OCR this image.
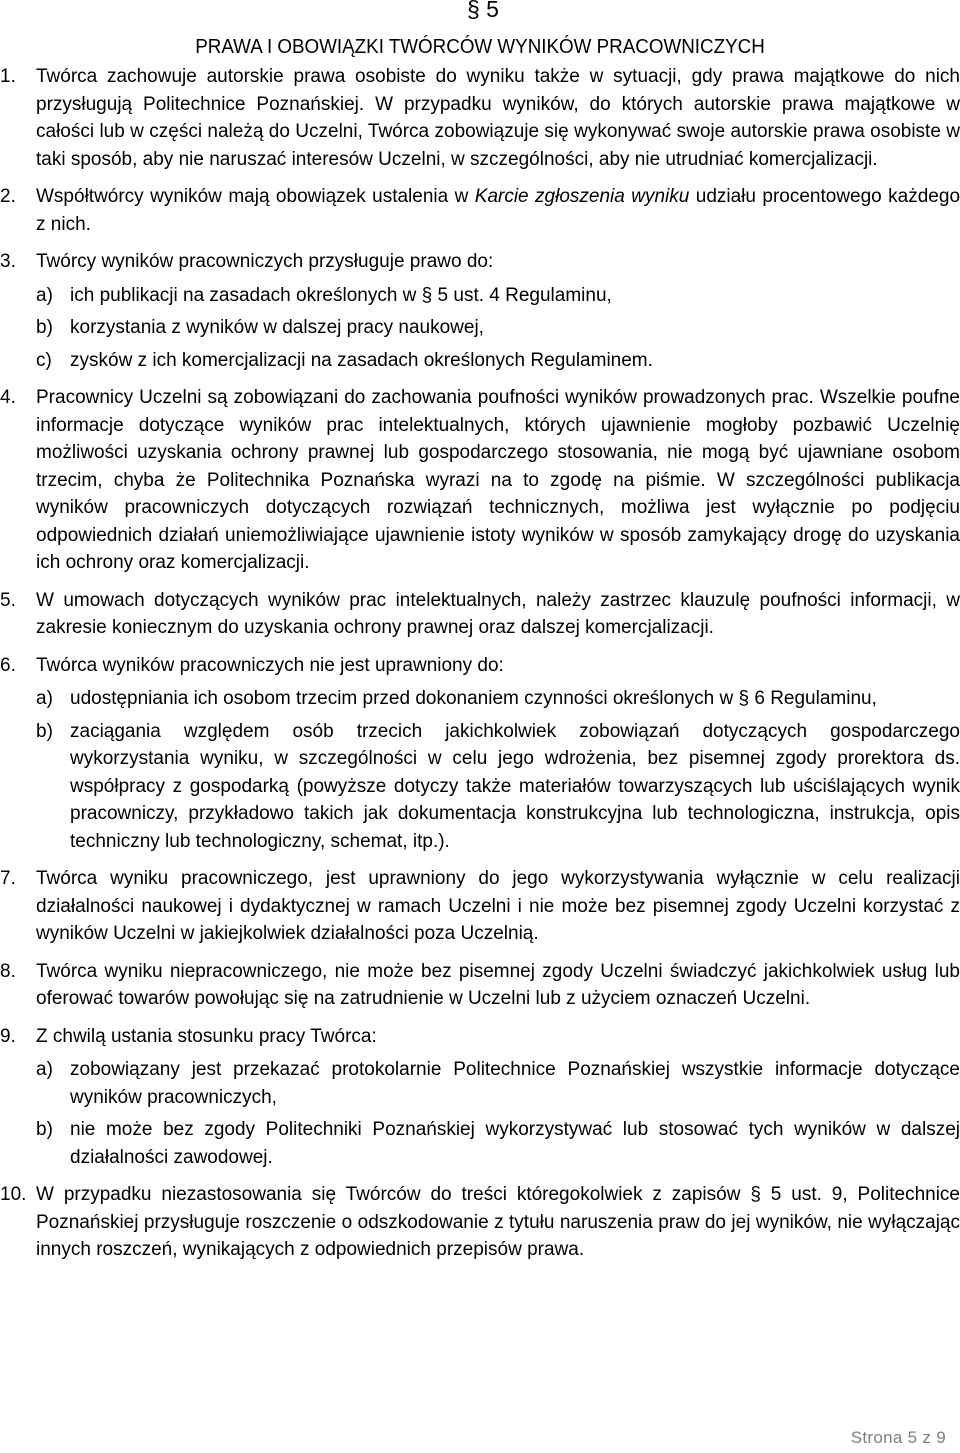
§ 5
PRAWA I OBOWIĄZKI TWÓRCÓW WYNIKÓW PRACOWNICZYCH
1. Twórca zachowuje autorskie prawa osobiste do wyniku także w sytuacji, gdy prawa majątkowe do nich przysługują Politechnice Poznańskiej. W przypadku wyników, do których autorskie prawa majątkowe w całości lub w części należą do Uczelni, Twórca zobowiązuje się wykonywać swoje autorskie prawa osobiste w taki sposób, aby nie naruszać interesów Uczelni, w szczególności, aby nie utrudniać komercjalizacji.
2. Współtwórcy wyników mają obowiązek ustalenia w Karcie zgłoszenia wyniku udziału procentowego każdego z nich.
3. Twórcy wyników pracowniczych przysługuje prawo do:
a) ich publikacji na zasadach określonych w § 5 ust. 4 Regulaminu,
b) korzystania z wyników w dalszej pracy naukowej,
c) zysków z ich komercjalizacji na zasadach określonych Regulaminem.
4. Pracownicy Uczelni są zobowiązani do zachowania poufności wyników prowadzonych prac. Wszelkie poufne informacje dotyczące wyników prac intelektualnych, których ujawnienie mogłoby pozbawić Uczelnię możliwości uzyskania ochrony prawnej lub gospodarczego stosowania, nie mogą być ujawniane osobom trzecim, chyba że Politechnika Poznańska wyrazi na to zgodę na piśmie. W szczególności publikacja wyników pracowniczych dotyczących rozwiązań technicznych, możliwa jest wyłącznie po podjęciu odpowiednich działań uniemożliwiające ujawnienie istoty wyników w sposób zamykający drogę do uzyskania ich ochrony oraz komercjalizacji.
5. W umowach dotyczących wyników prac intelektualnych, należy zastrzec klauzulę poufności informacji, w zakresie koniecznym do uzyskania ochrony prawnej oraz dalszej komercjalizacji.
6. Twórca wyników pracowniczych nie jest uprawniony do:
a) udostępniania ich osobom trzecim przed dokonaniem czynności określonych w § 6 Regulaminu,
b) zaciągania względem osób trzecich jakichkolwiek zobowiązań dotyczących gospodarczego wykorzystania wyniku, w szczególności w celu jego wdrożenia, bez pisemnej zgody prorektora ds. współpracy z gospodarką (powyższe dotyczy także materiałów towarzyszących lub uściślających wynik pracowniczy, przykładowo takich jak dokumentacja konstrukcyjna lub technologiczna, instrukcja, opis techniczny lub technologiczny, schemat, itp.).
7. Twórca wyniku pracowniczego, jest uprawniony do jego wykorzystywania wyłącznie w celu realizacji działalności naukowej i dydaktycznej w ramach Uczelni i nie może bez pisemnej zgody Uczelni korzystać z wyników Uczelni w jakiejkolwiek działalności poza Uczelnią.
8. Twórca wyniku niepracowniczego, nie może bez pisemnej zgody Uczelni świadczyć jakichkolwiek usług lub oferować towarów powołując się na zatrudnienie w Uczelni lub z użyciem oznaczeń Uczelni.
9. Z chwilą ustania stosunku pracy Twórca:
a) zobowiązany jest przekazać protokolarnie Politechnice Poznańskiej wszystkie informacje dotyczące wyników pracowniczych,
b) nie może bez zgody Politechniki Poznańskiej wykorzystywać lub stosować tych wyników w dalszej działalności zawodowej.
10. W przypadku niezastosowania się Twórców do treści któregokolwiek z zapisów § 5 ust. 9, Politechnice Poznańskiej przysługuje roszczenie o odszkodowanie z tytułu naruszenia praw do jej wyników, nie wyłączając innych roszczeń, wynikających z odpowiednich przepisów prawa.
Strona 5 z 9
